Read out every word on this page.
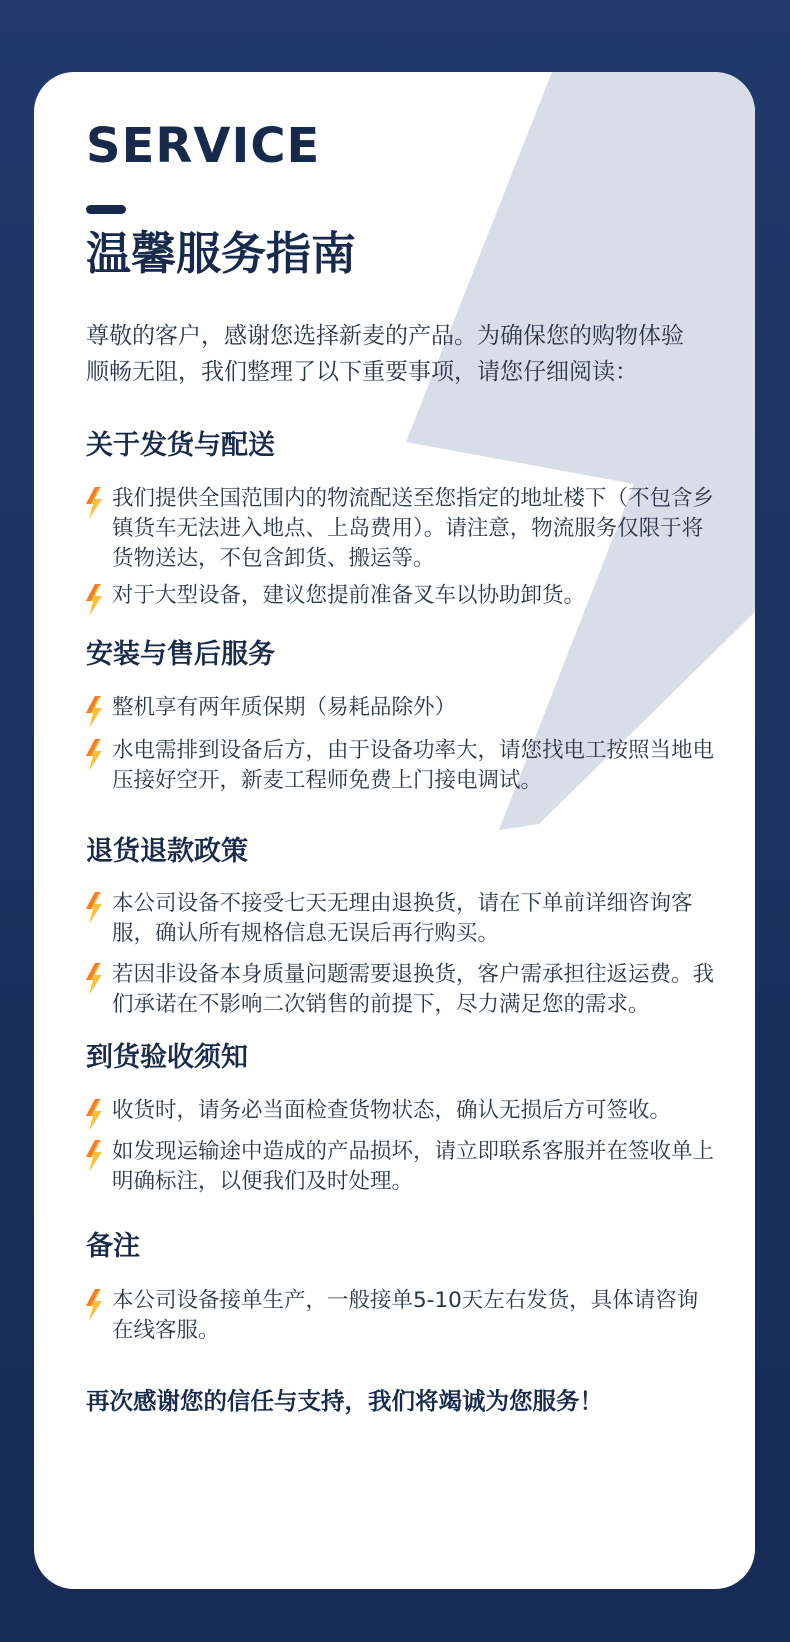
SERVICE
温馨服务指南

尊敬的客户，感谢您选择新麦的产品。为确保您的购物体验顺畅无阻，我们整理了以下重要事项，请您仔细阅读：

关于发货与配送
我们提供全国范围内的物流配送至您指定的地址楼下（不包含乡镇货车无法进入地点、上岛费用）。请注意，物流服务仅限于将货物送达，不包含卸货、搬运等。
对于大型设备，建议您提前准备叉车以协助卸货。
安装与售后服务
整机享有两年质保期（易耗品除外）
水电需排到设备后方，由于设备功率大，请您找电工按照当地电压接好空开，新麦工程师免费上门接电调试。
退货退款政策
本公司设备不接受七天无理由退换货，请在下单前详细咨询客服，确认所有规格信息无误后再行购买。
若因非设备本身质量问题需要退换货，客户需承担往返运费。我们承诺在不影响二次销售的前提下，尽力满足您的需求。
到货验收须知
收货时，请务必当面检查货物状态，确认无损后方可签收。
如发现运输途中造成的产品损坏，请立即联系客服并在签收单上明确标注，以便我们及时处理。
备注
本公司设备接单生产，一般接单5-10天左右发货，具体请咨询在线客服。

再次感谢您的信任与支持，我们将竭诚为您服务！
